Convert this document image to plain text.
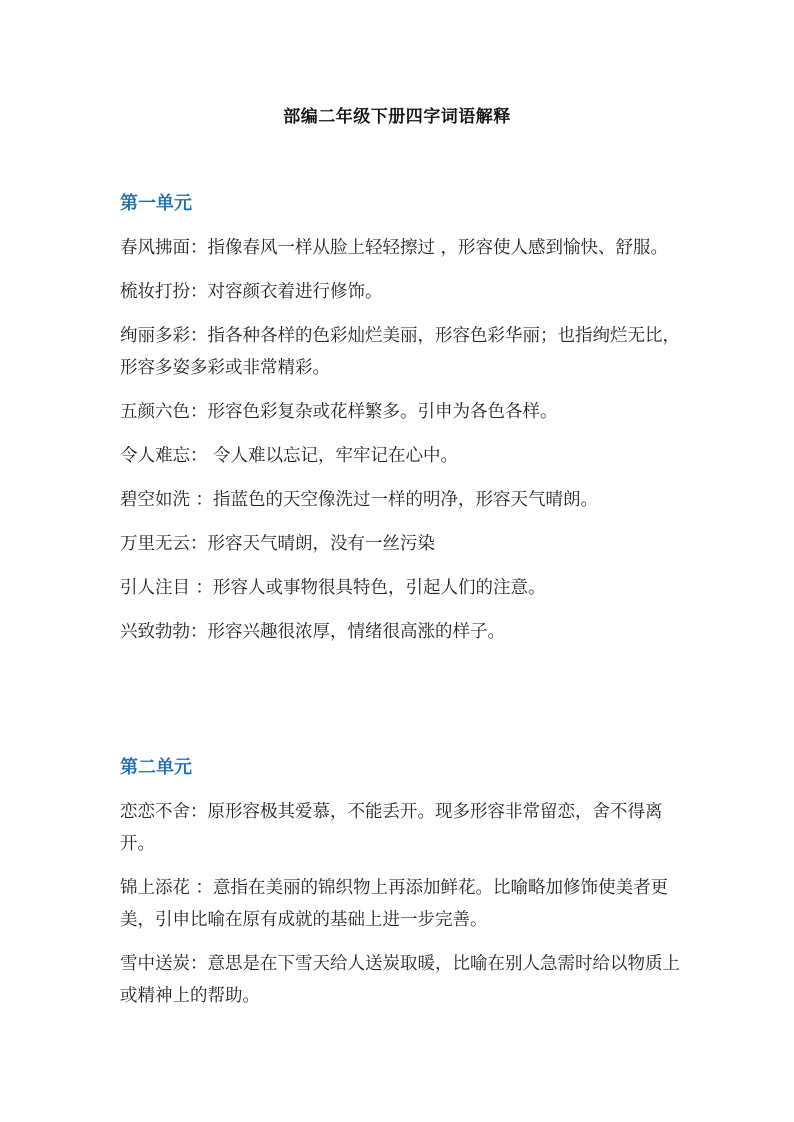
部编二年级下册四字词语解释
第一单元

春风拂面：指像春风一样从脸上轻轻擦过 ，形容使人感到愉快、舒服。

梳妆打扮：对容颜衣着进行修饰。

绚丽多彩：指各种各样的色彩灿烂美丽，形容色彩华丽；也指绚烂无比，形容多姿多彩或非常精彩。

五颜六色：形容色彩复杂或花样繁多。引申为各色各样。

令人难忘： 令人难以忘记，牢牢记在心中。

碧空如洗 ：指蓝色的天空像洗过一样的明净，形容天气晴朗。

万里无云：形容天气晴朗，没有一丝污染

引人注目 ：形容人或事物很具特色，引起人们的注意。

兴致勃勃：形容兴趣很浓厚，情绪很高涨的样子。

第二单元

恋恋不舍：原形容极其爱慕，不能丢开。现多形容非常留恋，舍不得离开。

锦上添花 ：意指在美丽的锦织物上再添加鲜花。比喻略加修饰使美者更美，引申比喻在原有成就的基础上进一步完善。

雪中送炭：意思是在下雪天给人送炭取暖，比喻在别人急需时给以物质上或精神上的帮助。
